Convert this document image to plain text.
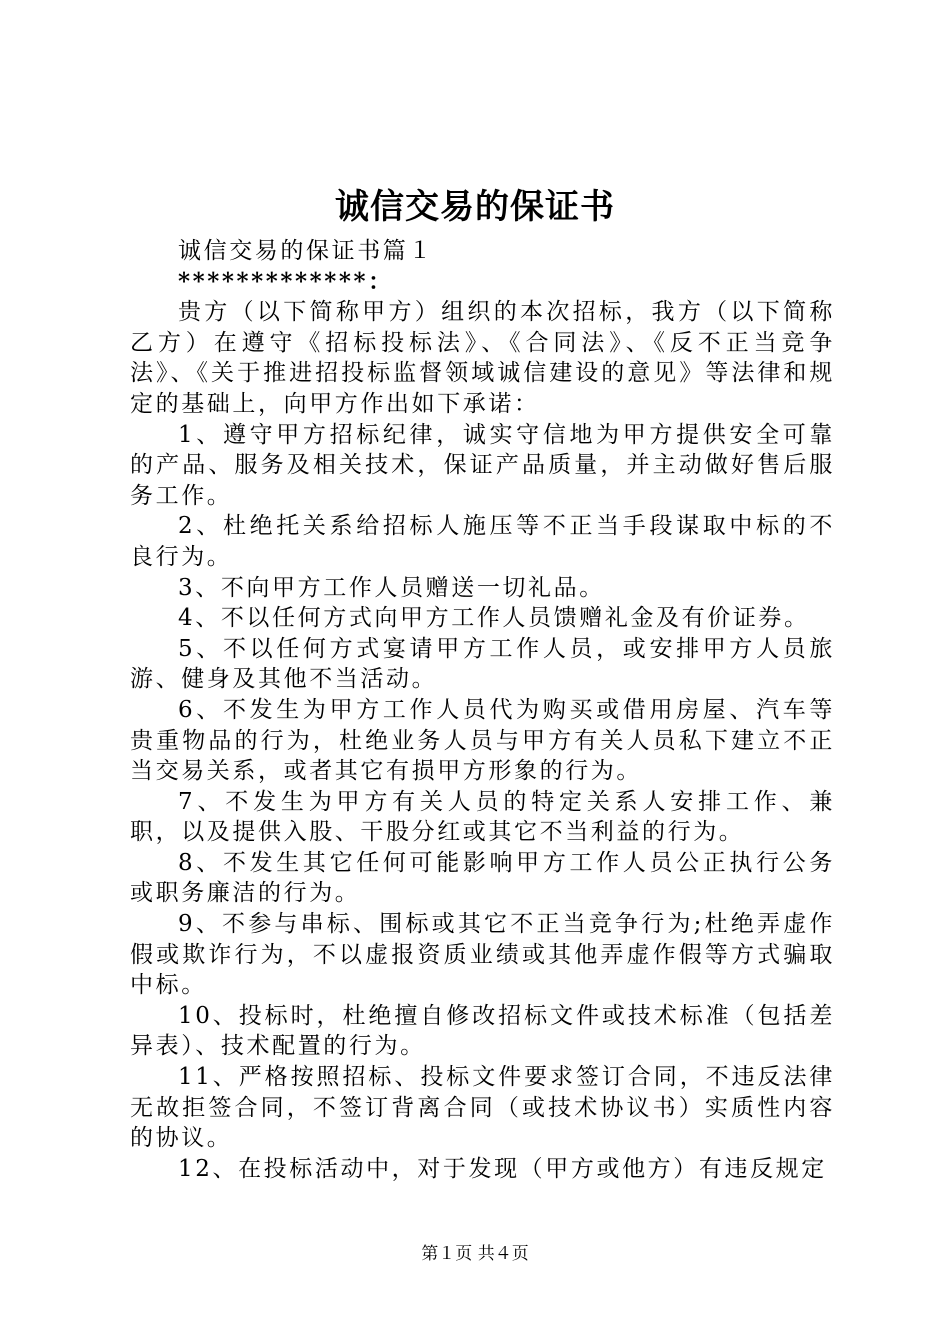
诚信交易的保证书

诚信交易的保证书篇１

*************：

贵方（以下简称甲方）组织的本次招标，我方（以下简称乙方）在遵守《招标投标法》、《合同法》、《反不正当竞争法》、《关于推进招投标监督领域诚信建设的意见》等法律和规定的基础上，向甲方作出如下承诺：

1、遵守甲方招标纪律，诚实守信地为甲方提供安全可靠的产品、服务及相关技术，保证产品质量，并主动做好售后服务工作。

2、杜绝托关系给招标人施压等不正当手段谋取中标的不良行为。

3、不向甲方工作人员赠送一切礼品。

4、不以任何方式向甲方工作人员馈赠礼金及有价证券。

5、不以任何方式宴请甲方工作人员，或安排甲方人员旅游、健身及其他不当活动。

6、不发生为甲方工作人员代为购买或借用房屋、汽车等贵重物品的行为，杜绝业务人员与甲方有关人员私下建立不正当交易关系，或者其它有损甲方形象的行为。

7、不发生为甲方有关人员的特定关系人安排工作、兼职，以及提供入股、干股分红或其它不当利益的行为。

8、不发生其它任何可能影响甲方工作人员公正执行公务或职务廉洁的行为。

9、不参与串标、围标或其它不正当竞争行为;杜绝弄虚作假或欺诈行为，不以虚报资质业绩或其他弄虚作假等方式骗取中标。

10、投标时，杜绝擅自修改招标文件或技术标准（包括差异表）、技术配置的行为。

11、严格按照招标、投标文件要求签订合同，不违反法律无故拒签合同，不签订背离合同（或技术协议书）实质性内容的协议。

12、在投标活动中，对于发现（甲方或他方）有违反规定

第１页 共４页
